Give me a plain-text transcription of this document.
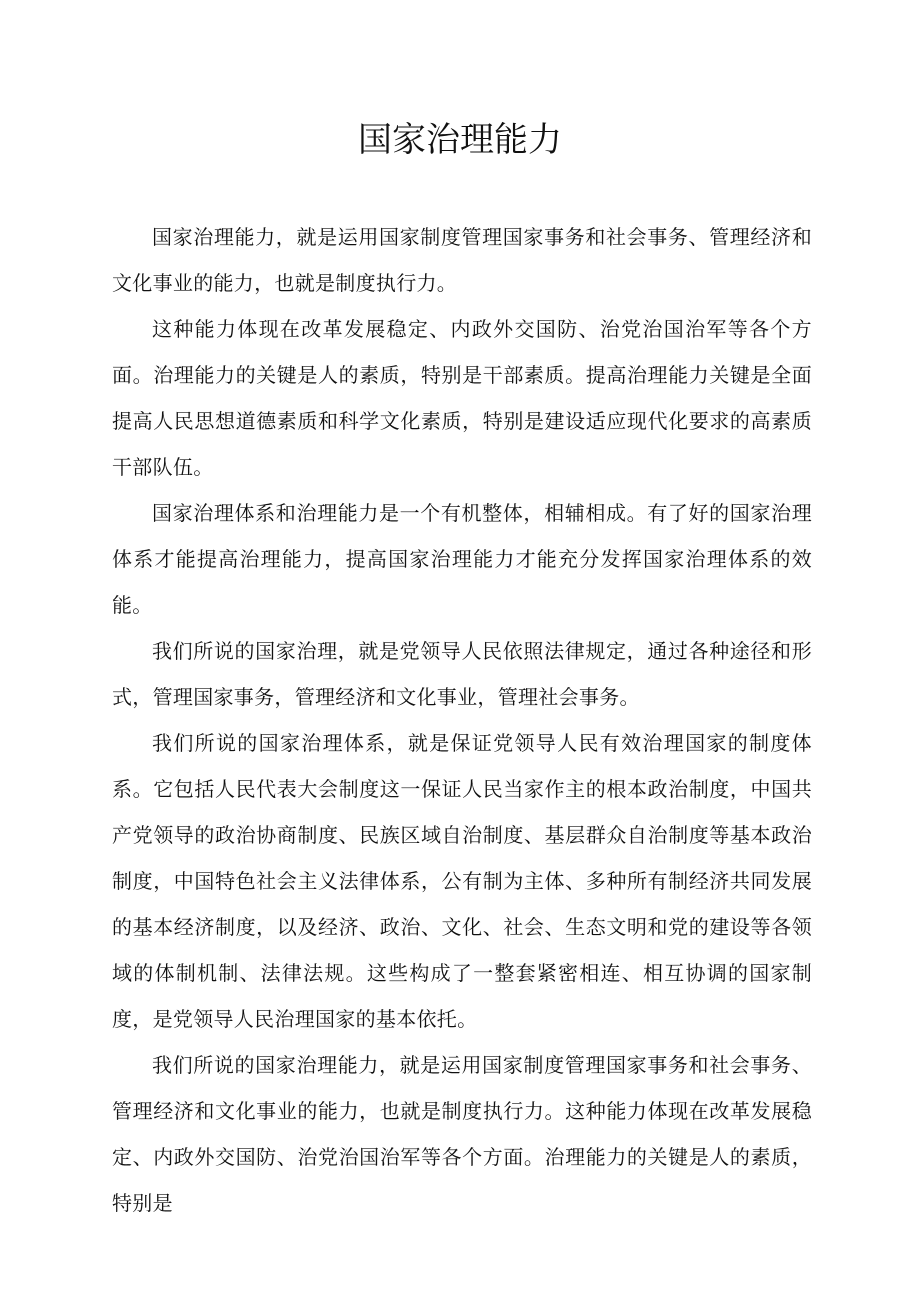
国家治理能力

国家治理能力，就是运用国家制度管理国家事务和社会事务、管理经济和文化事业的能力，也就是制度执行力。

这种能力体现在改革发展稳定、内政外交国防、治党治国治军等各个方面。治理能力的关键是人的素质，特别是干部素质。提高治理能力关键是全面提高人民思想道德素质和科学文化素质，特别是建设适应现代化要求的高素质干部队伍。

国家治理体系和治理能力是一个有机整体，相辅相成。有了好的国家治理体系才能提高治理能力，提高国家治理能力才能充分发挥国家治理体系的效能。

我们所说的国家治理，就是党领导人民依照法律规定，通过各种途径和形式，管理国家事务，管理经济和文化事业，管理社会事务。

我们所说的国家治理体系，就是保证党领导人民有效治理国家的制度体系。它包括人民代表大会制度这一保证人民当家作主的根本政治制度，中国共产党领导的政治协商制度、民族区域自治制度、基层群众自治制度等基本政治制度，中国特色社会主义法律体系，公有制为主体、多种所有制经济共同发展的基本经济制度，以及经济、政治、文化、社会、生态文明和党的建设等各领域的体制机制、法律法规。这些构成了一整套紧密相连、相互协调的国家制度，是党领导人民治理国家的基本依托。

我们所说的国家治理能力，就是运用国家制度管理国家事务和社会事务、管理经济和文化事业的能力，也就是制度执行力。这种能力体现在改革发展稳定、内政外交国防、治党治国治军等各个方面。治理能力的关键是人的素质，特别是
